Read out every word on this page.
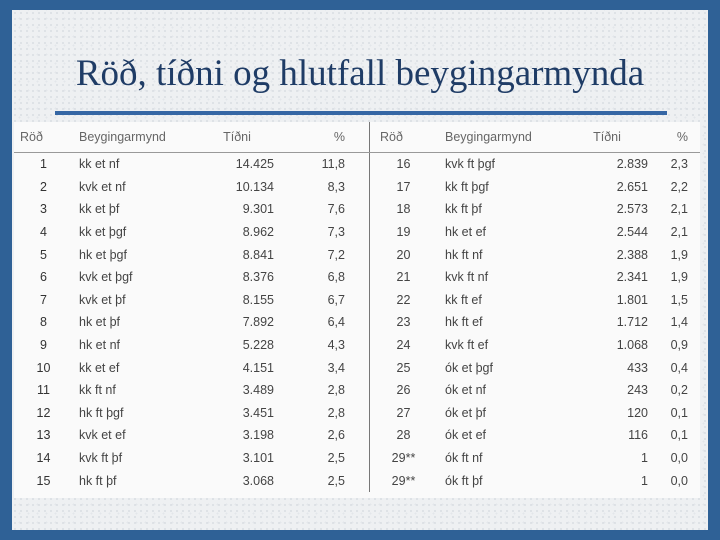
Röð, tíðni og hlutfall beygingarmynda
Röð	Beygingarmynd	Tíðni	%	Röð	Beygingarmynd	Tíðni	%
1	kk et nf	14.425	11,8	16	kvk ft þgf	2.839	2,3
2	kvk et nf	10.134	8,3	17	kk ft þgf	2.651	2,2
3	kk et þf	9.301	7,6	18	kk ft þf	2.573	2,1
4	kk et þgf	8.962	7,3	19	hk et ef	2.544	2,1
5	hk et þgf	8.841	7,2	20	hk ft nf	2.388	1,9
6	kvk et þgf	8.376	6,8	21	kvk ft nf	2.341	1,9
7	kvk et þf	8.155	6,7	22	kk ft ef	1.801	1,5
8	hk et þf	7.892	6,4	23	hk ft ef	1.712	1,4
9	hk et nf	5.228	4,3	24	kvk ft ef	1.068	0,9
10	kk et ef	4.151	3,4	25	ók et þgf	433	0,4
11	kk ft nf	3.489	2,8	26	ók et nf	243	0,2
12	hk ft þgf	3.451	2,8	27	ók et þf	120	0,1
13	kvk et ef	3.198	2,6	28	ók et ef	116	0,1
14	kvk ft þf	3.101	2,5	29**	ók ft nf	1	0,0
15	hk ft þf	3.068	2,5	29**	ók ft þf	1	0,0
